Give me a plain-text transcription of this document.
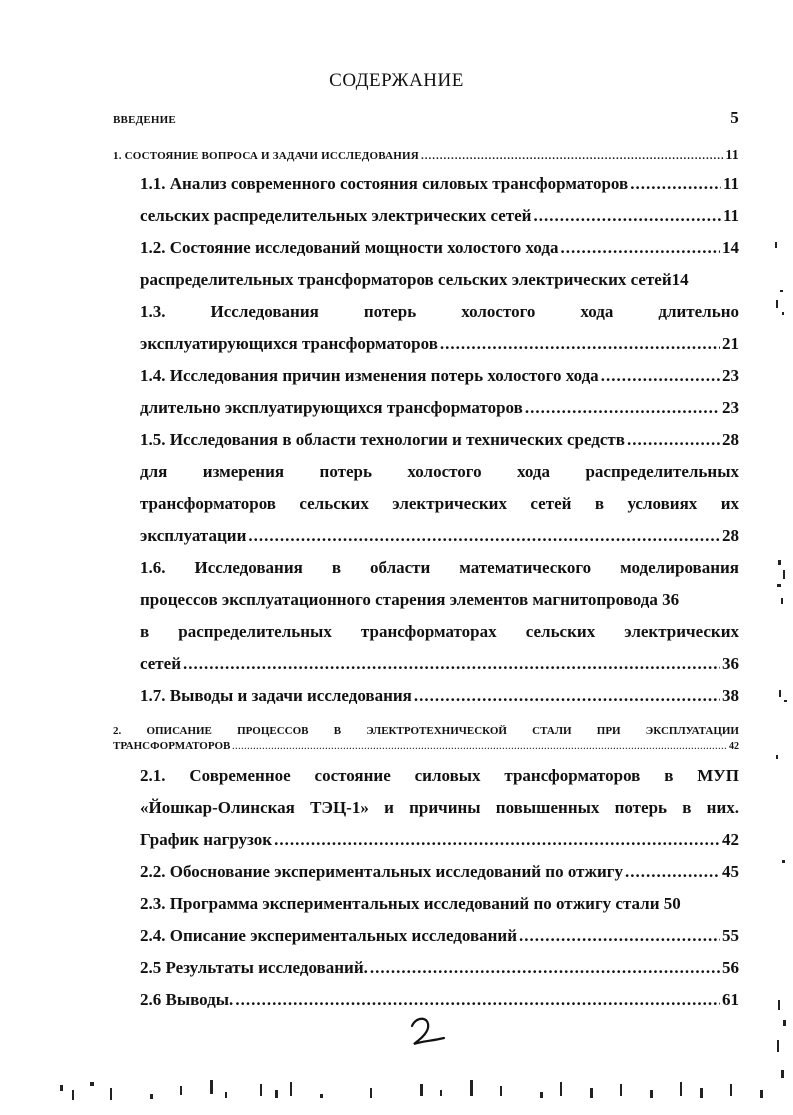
СОДЕРЖАНИЕ
ВВЕДЕНИЕ	5
1. СОСТОЯНИЕ ВОПРОСА И ЗАДАЧИ ИССЛЕДОВАНИЯ .....	11
1.1. Анализ современного состояния силовых трансформаторов .....	11
сельских распределительных электрических сетей .....	11
1.2. Состояние исследований мощности холостого хода .....	14
распределительных трансформаторов сельских электрических сетей14
1.3. Исследования потерь холостого хода длительно
эксплуатирующихся трансформаторов .....	21
1.4. Исследования причин изменения потерь холостого хода .....	23
длительно эксплуатирующихся трансформаторов .....	23
1.5. Исследования в области технологии и технических средств .....	28
для измерения потерь холостого хода распределительных
трансформаторов сельских электрических сетей в условиях их
эксплуатации .....	28
1.6. Исследования в области математического моделирования
процессов эксплуатационного старения элементов магнитопровода 36
в распределительных трансформаторах сельских электрических
сетей .....	36
1.7. Выводы и задачи исследования .....	38
2. ОПИСАНИЕ ПРОЦЕССОВ В ЭЛЕКТРОТЕХНИЧЕСКОЙ СТАЛИ ПРИ ЭКСПЛУАТАЦИИ
ТРАНСФОРМАТОРОВ .....	42
2.1. Современное состояние силовых трансформаторов в МУП
«Йошкар-Олинская ТЭЦ-1» и причины повышенных потерь в них.
График нагрузок .....	42
2.2. Обоснование экспериментальных исследований по отжигу .....	45
2.3. Программа экспериментальных исследований по отжигу стали 50
2.4. Описание экспериментальных исследований .....	55
2.5 Результаты исследований. .....	56
2.6 Выводы. .....	61
